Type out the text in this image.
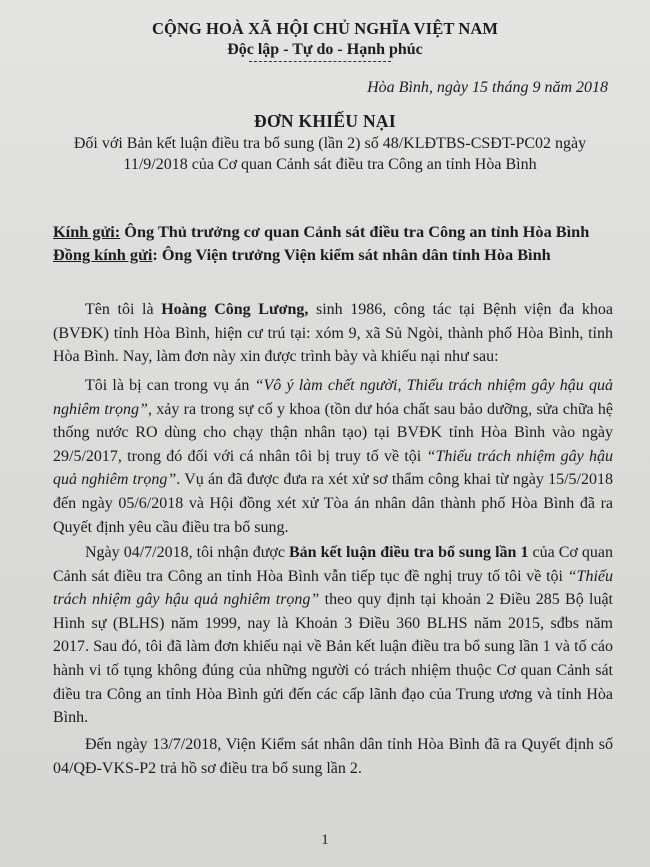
CỘNG HOÀ XÃ HỘI CHỦ NGHĨA VIỆT NAM
Độc lập - Tự do - Hạnh phúc
Hòa Bình, ngày 15 tháng 9 năm 2018
ĐƠN KHIẾU NẠI
Đối với Bản kết luận điều tra bổ sung (lần 2) số 48/KLĐTBS-CSĐT-PC02 ngày
11/9/2018 của Cơ quan Cảnh sát điều tra Công an tỉnh Hòa Bình
Kính gửi: Ông Thủ trưởng cơ quan Cảnh sát điều tra Công an tỉnh Hòa Bình
Đồng kính gửi: Ông Viện trưởng Viện kiểm sát nhân dân tỉnh Hòa Bình

Tên tôi là Hoàng Công Lương, sinh 1986, công tác tại Bệnh viện đa khoa (BVĐK) tỉnh Hòa Bình, hiện cư trú tại: xóm 9, xã Sủ Ngòi, thành phố Hòa Bình, tỉnh Hòa Bình. Nay, làm đơn này xin được trình bày và khiếu nại như sau:

Tôi là bị can trong vụ án “Vô ý làm chết người, Thiếu trách nhiệm gây hậu quả nghiêm trọng”, xảy ra trong sự cố y khoa (tồn dư hóa chất sau bảo dưỡng, sửa chữa hệ thống nước RO dùng cho chạy thận nhân tạo) tại BVĐK tỉnh Hòa Bình vào ngày 29/5/2017, trong đó đối với cá nhân tôi bị truy tố về tội “Thiếu trách nhiệm gây hậu quả nghiêm trọng”. Vụ án đã được đưa ra xét xử sơ thẩm công khai từ ngày 15/5/2018 đến ngày 05/6/2018 và Hội đồng xét xử Tòa án nhân dân thành phố Hòa Bình đã ra Quyết định yêu cầu điều tra bổ sung.

Ngày 04/7/2018, tôi nhận được Bản kết luận điều tra bổ sung lần 1 của Cơ quan Cảnh sát điều tra Công an tỉnh Hòa Bình vẫn tiếp tục đề nghị truy tố tôi về tội “Thiếu trách nhiệm gây hậu quả nghiêm trọng” theo quy định tại khoản 2 Điều 285 Bộ luật Hình sự (BLHS) năm 1999, nay là Khoản 3 Điều 360 BLHS năm 2015, sđbs năm 2017. Sau đó, tôi đã làm đơn khiếu nại về Bản kết luận điều tra bổ sung lần 1 và tố cáo hành vi tố tụng không đúng của những người có trách nhiệm thuộc Cơ quan Cảnh sát điều tra Công an tỉnh Hòa Bình gửi đến các cấp lãnh đạo của Trung ương và tỉnh Hòa Bình.

Đến ngày 13/7/2018, Viện Kiểm sát nhân dân tỉnh Hòa Bình đã ra Quyết định số 04/QĐ-VKS-P2 trả hồ sơ điều tra bổ sung lần 2.

1
